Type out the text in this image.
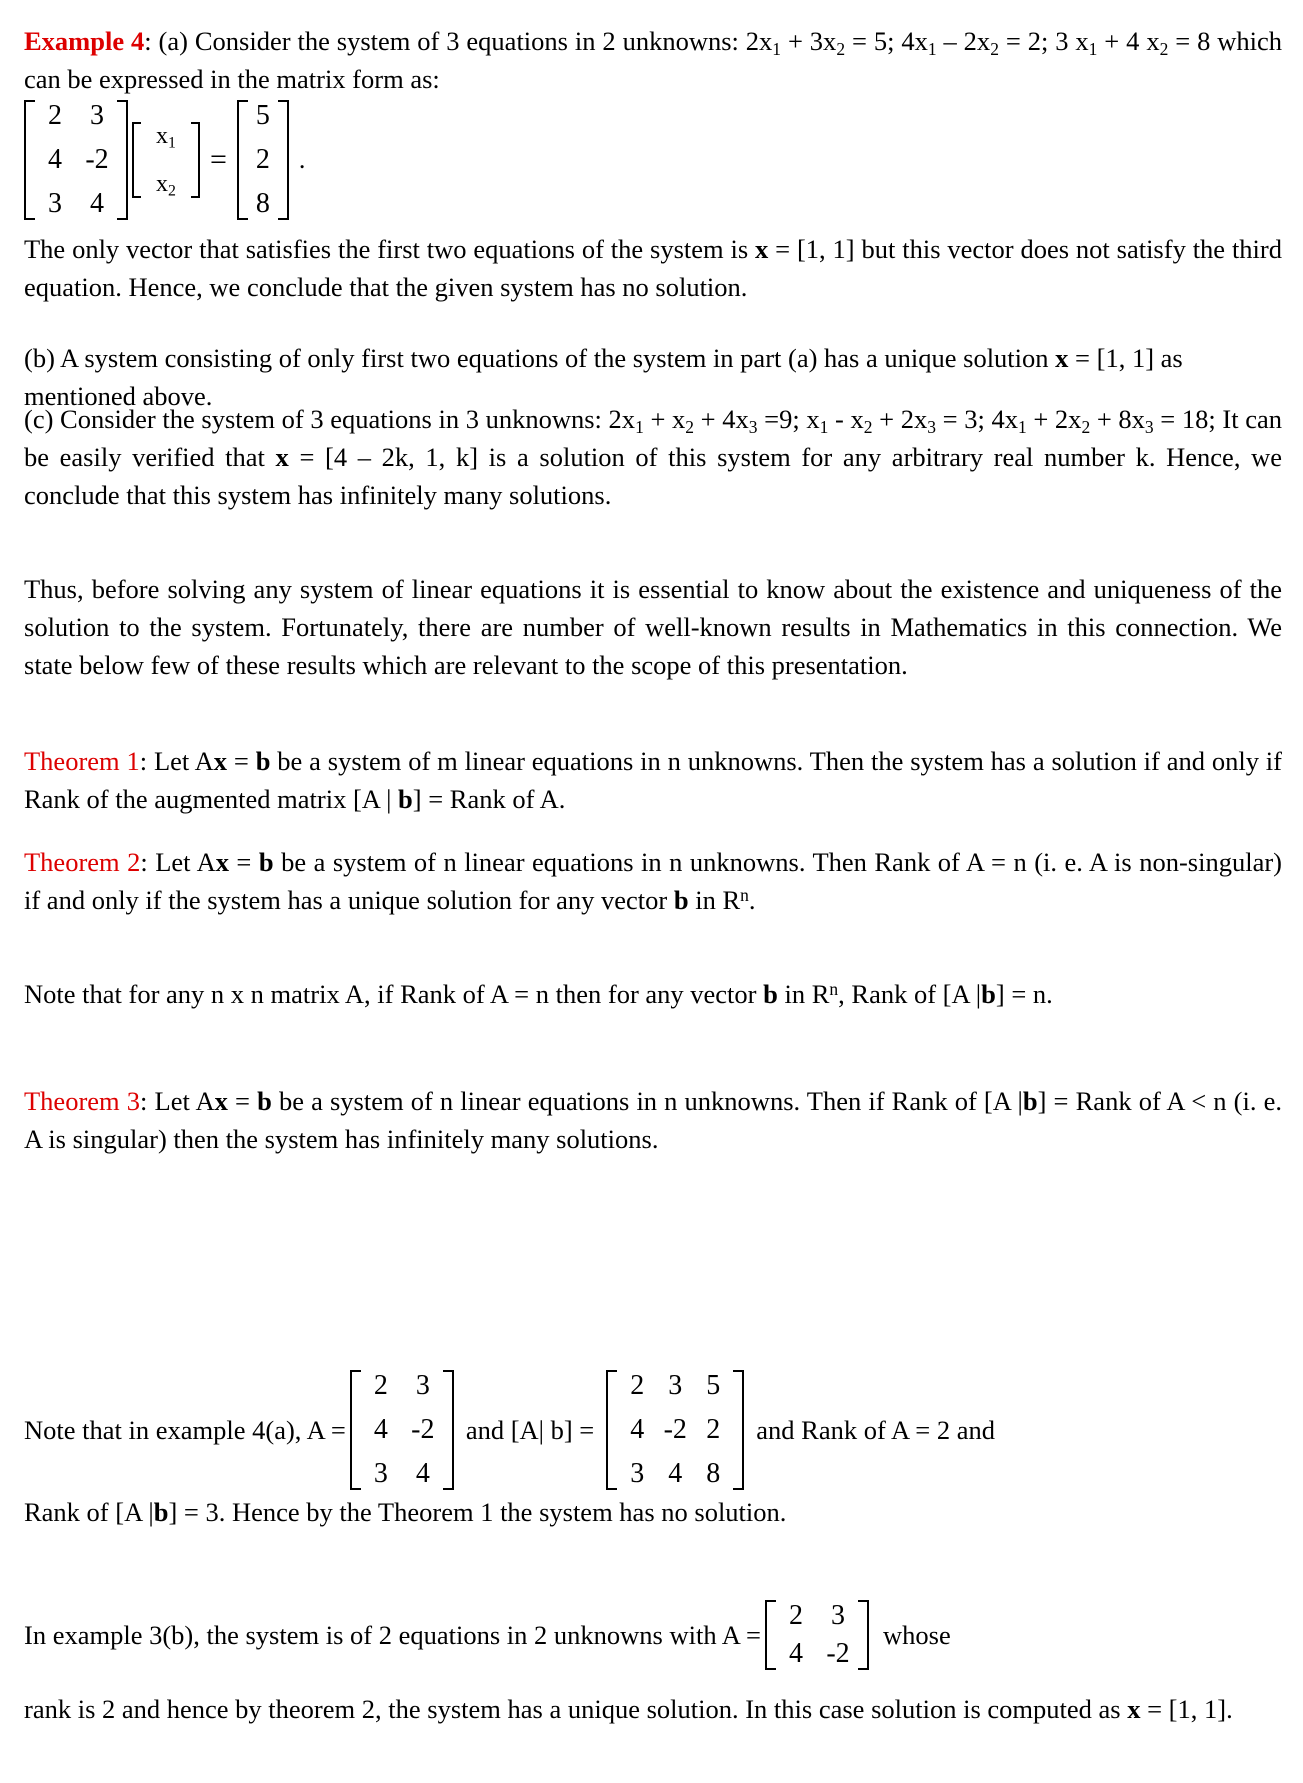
Example 4: (a) Consider the system of 3 equations in 2 unknowns: $2x_1 + 3x_2 = 5$; $4x_1 - 2x_2 = 2$; 3 $x_1 + 4$ $x_2 = 8$ which can be expressed in the matrix form as:
2	3
4 -2
3	4
$x_1$
$x_2$
=
5
2
8
.
The only vector that satisfies the first two equations of the system is x = [1, 1] but this vector does not satisfy the third equation. Hence, we conclude that the given system has no solution.
(b) A system consisting of only first two equations of the system in part (a) has a unique solution x = [1, 1] as mentioned above.
(c) Consider the system of 3 equations in 3 unknowns: $2x_1 + x_2 + 4x_3 =9$; $x_1 - x_2 + 2x_3 = 3$; $4x_1 + 2x_2 + 8x_3 = 18$; It can be easily verified that x = [4 – 2k, 1, k] is a solution of this system for any arbitrary real number k. Hence, we conclude that this system has infinitely many solutions.
Thus, before solving any system of linear equations it is essential to know about the existence and uniqueness of the solution to the system. Fortunately, there are number of well-known results in Mathematics in this connection. We state below few of these results which are relevant to the scope of this presentation.
Theorem 1: Let Ax = b be a system of m linear equations in n unknowns. Then the system has a solution if and only if Rank of the augmented matrix [A | b] = Rank of A.
Theorem 2: Let Ax = b be a system of n linear equations in n unknowns. Then Rank of A = n (i. e. A is non-singular) if and only if the system has a unique solution for any vector b in $R^n$.
Note that for any n x n matrix A, if Rank of A = n then for any vector b in $R^n$, Rank of [A |b] = n.
Theorem 3: Let Ax = b be a system of n linear equations in n unknowns. Then if Rank of [A |b] = Rank of A < n (i. e. A is singular) then the system has infinitely many solutions.
Note that in example 4(a), A =
2	3
4 -2
3	4
and [A| b] =
2 3 5
4 -2 2
3 4 8
and Rank of A = 2 and
Rank of [A |b] = 3. Hence by the Theorem 1 the system has no solution.
In example 3(b), the system is of 2 equations in 2 unknowns with A =
2	3
4 -2
whose
rank is 2 and hence by theorem 2, the system has a unique solution. In this case solution is computed as x = [1, 1].
